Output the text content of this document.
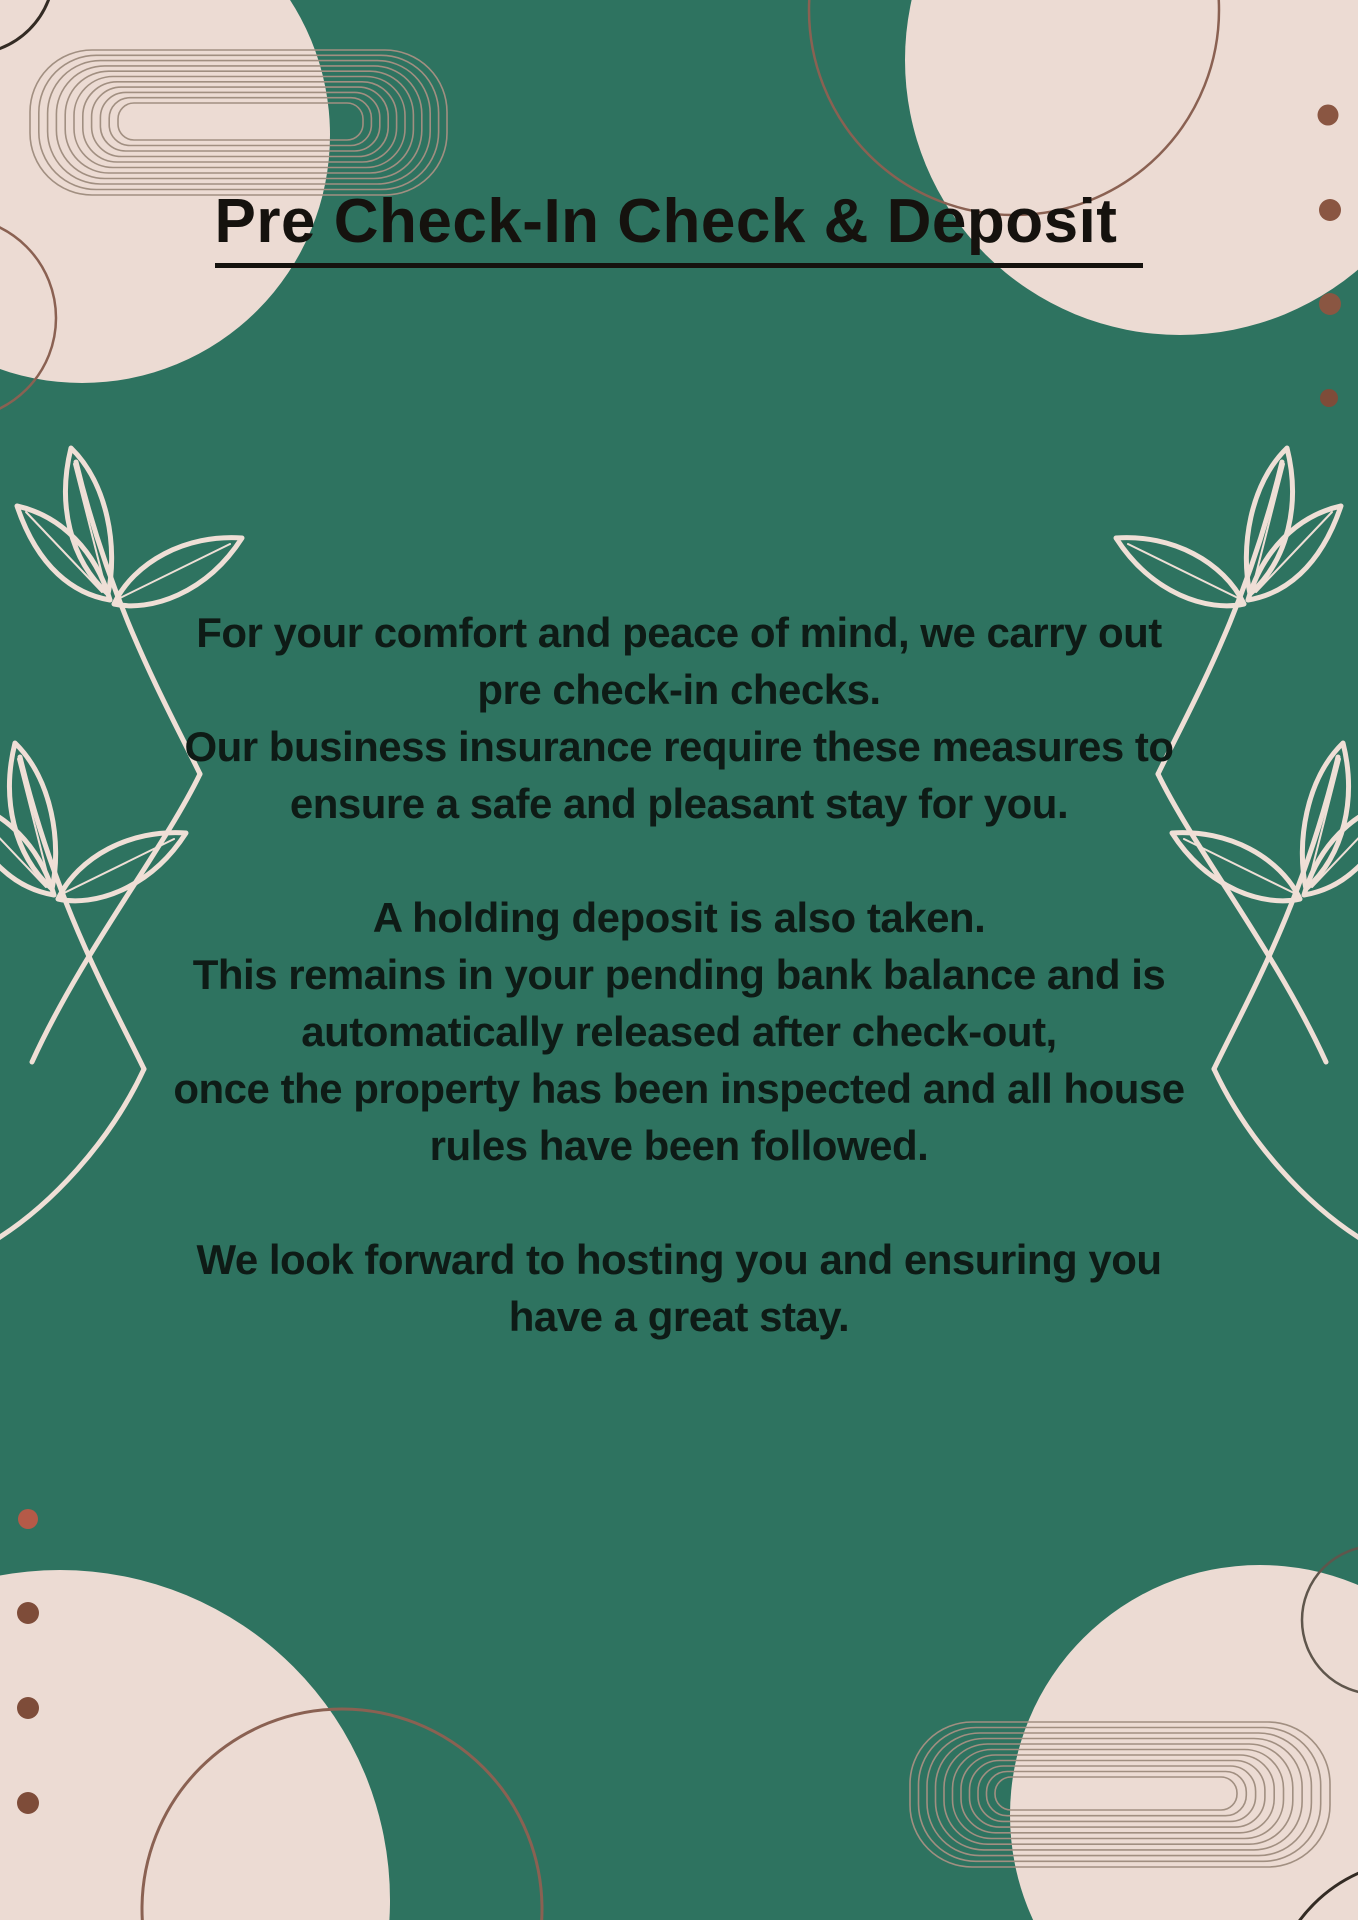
Pre Check-In Check & Deposit
For your comfort and peace of mind, we carry out
pre check-in checks.
Our business insurance require these measures to
ensure a safe and pleasant stay for you.
A holding deposit is also taken.
This remains in your pending bank balance and is
automatically released after check-out,
once the property has been inspected and all house
rules have been followed.
We look forward to hosting you and ensuring you
have a great stay.
